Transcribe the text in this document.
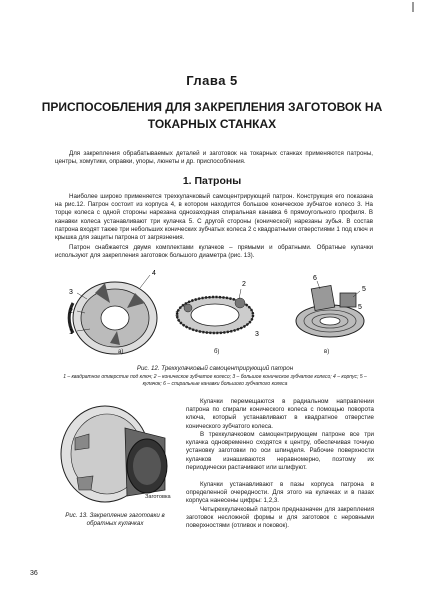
Глава 5
ПРИСПОСОБЛЕНИЯ ДЛЯ ЗАКРЕПЛЕНИЯ ЗАГОТОВОК НА ТОКАРНЫХ СТАНКАХ
Для закрепления обрабатываемых деталей и заготовок на токарных станках применяются патроны, центры, хомутики, оправки, упоры, люнеты и др. приспособления.
1. Патроны
Наиболее широко применяется трехкулачковый самоцентрирующий патрон. Конструкция его показана на рис.12. Патрон состоит из корпуса 4, в котором находится большое коническое зубчатое колесо 3. На торце колеса с одной стороны нарезана однозаходная спиральная канавка 6 прямоугольного профиля. В канавки колеса устанавливают три кулачка 5. С другой стороны (конической) нарезаны зубья. В состав патрона входят также три небольших конических зубчатых колеса 2 с квадратными отверстиями 1 под ключ и крышка для защиты патрона от загрязнения.
Патрон снабжается двумя комплектами кулачков – прямыми и обратными. Обратные кулачки используют для закрепления заготовок большого диаметра (рис. 13).
4
3
2
1
2
1
3
6
5
5
а)	б)	в)
Рис. 12. Трехкулачковый самоцентрирующий патрон
1 – квадратное отверстие под ключ; 2 – коническое зубчатое колесо; 3 – большое коническое зубчатое колесо; 4 – корпус; 5 – кулачок; 6 – спиральные канавки большого зубчатого колеса
Заготовка
Рис. 13. Закрепление заготовки в обратных кулачках
Кулачки перемещаются в радиальном направлении патрона по спирали конического колеса с помощью поворота ключа, который устанавливают в квадратное отверстие конического зубчатого колеса.
В трехкулачковом самоцентрирующем патроне все три кулачка одновременно сходятся к центру, обеспечивая точную установку заготовки по оси шпинделя. Рабочие поверхности кулачков изнашиваются неравномерно, поэтому их периодически растачивают или шлифуют.
Кулачки устанавливают в пазы корпуса патрона в определенной очередности. Для этого на кулачках и в пазах корпуса нанесены цифры: 1,2,3.
Четырехкулачковый патрон предназначен для закрепления заготовок несложной формы и для заготовок с неровными поверхностями (отливок и поковок).
36
